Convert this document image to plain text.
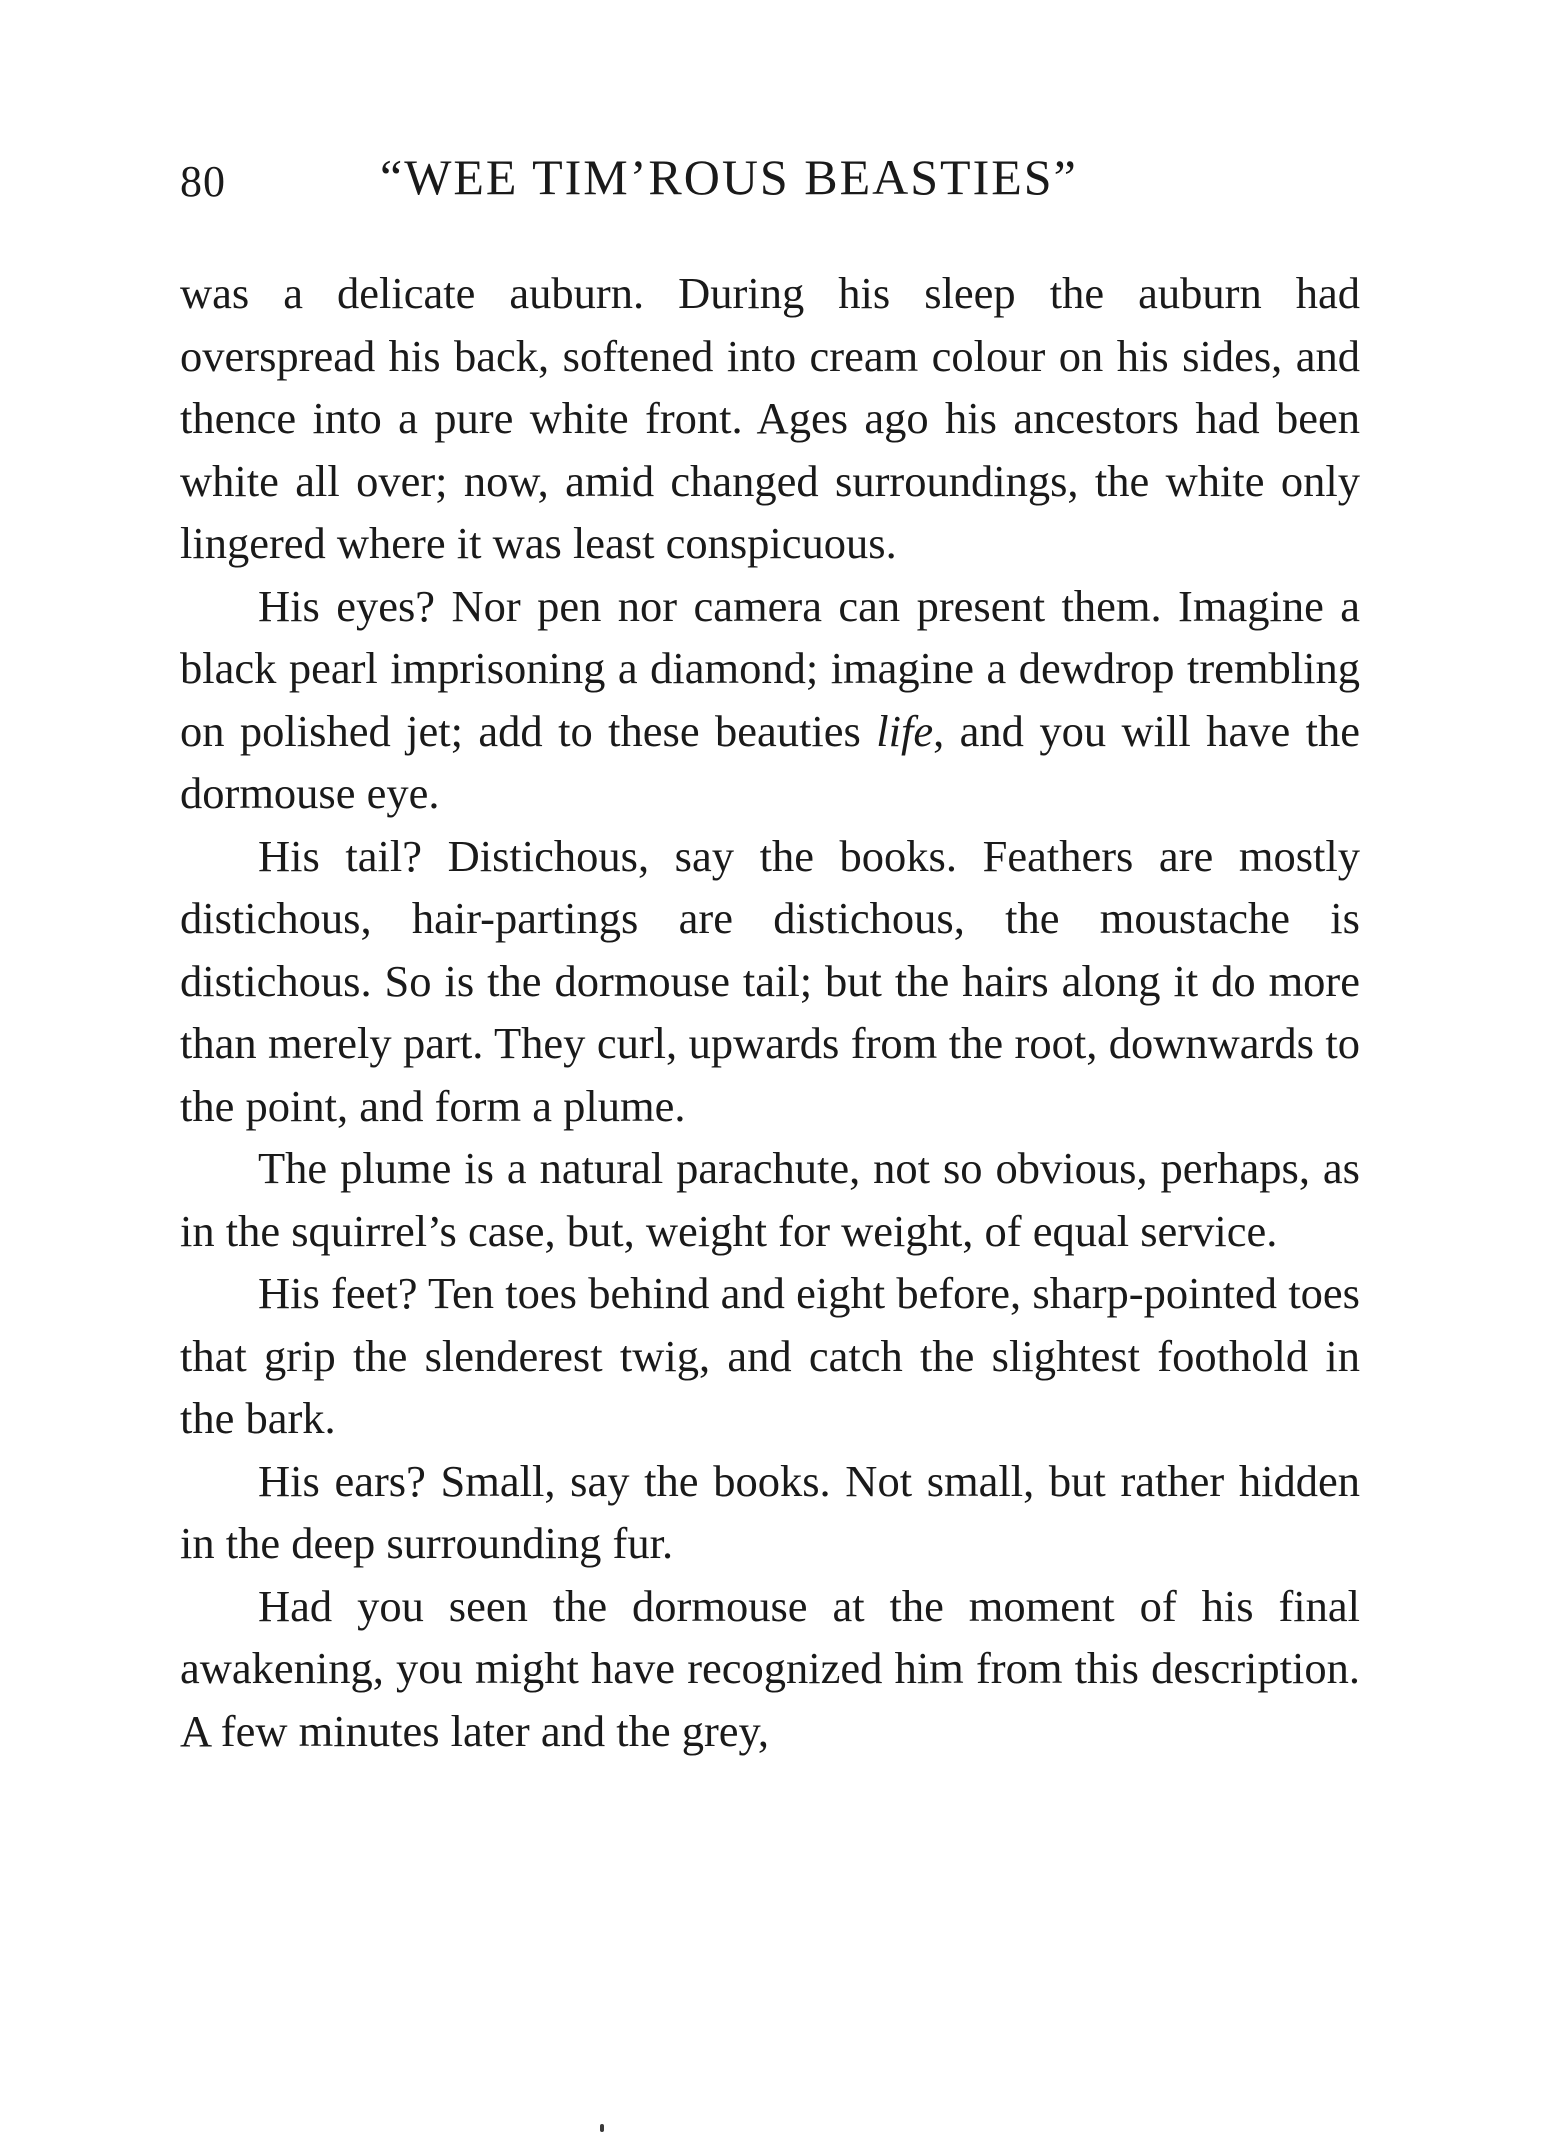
80	“WEE TIM’ROUS BEASTIES”

was a delicate auburn. During his sleep the auburn had overspread his back, softened into cream colour on his sides, and thence into a pure white front. Ages ago his ancestors had been white all over; now, amid changed surroundings, the white only lingered where it was least conspicuous.

His eyes? Nor pen nor camera can present them. Imagine a black pearl imprisoning a diamond; imagine a dewdrop trembling on polished jet; add to these beauties life, and you will have the dormouse eye.

His tail? Distichous, say the books. Feathers are mostly distichous, hair-partings are distichous, the moustache is distichous. So is the dormouse tail; but the hairs along it do more than merely part. They curl, upwards from the root, downwards to the point, and form a plume.

The plume is a natural parachute, not so obvious, perhaps, as in the squirrel’s case, but, weight for weight, of equal service.

His feet? Ten toes behind and eight before, sharp-pointed toes that grip the slenderest twig, and catch the slightest foothold in the bark.

His ears? Small, say the books. Not small, but rather hidden in the deep surrounding fur.

Had you seen the dormouse at the moment of his final awakening, you might have recognized him from this description. A few minutes later and the grey,
